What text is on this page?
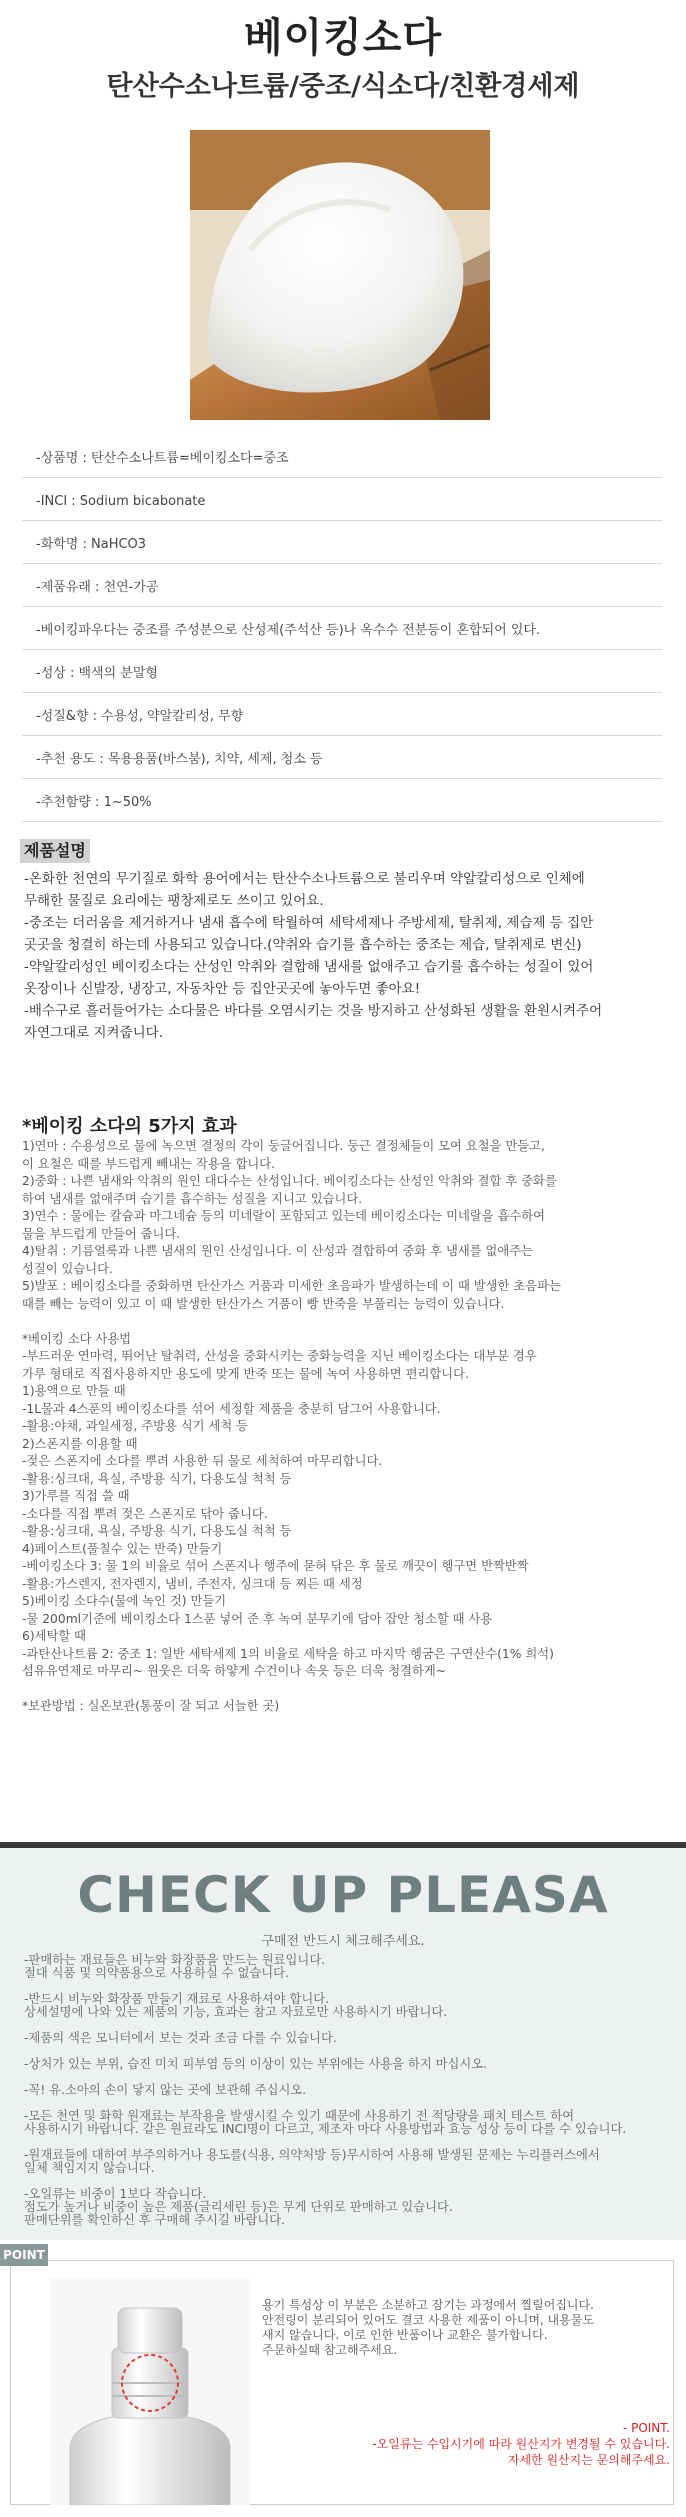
베이킹소다
탄산수소나트륨/중조/식소다/친환경세제
-상품명 : 탄산수소나트륨=베이킹소다=중조
-INCI : Sodium bicabonate
-화학명 : NaHCO3
-제품유래 : 천연-가공
-베이킹파우다는 중조를 주성분으로 산성제(주석산 등)나 옥수수 전분등이 혼합되어 있다.
-성상 : 백색의 분말형
-성질&향 : 수용성, 약알칼리성, 무향
-추천 용도 : 목용용품(바스붐), 치약, 세제, 청소 등
-추천함량 : 1~50%
제품설명
-온화한 천연의 무기질로 화학 용어에서는 탄산수소나트륨으로 불리우며 약알칼리성으로 인체에
무해한 물질로 요리에는 팽창제로도 쓰이고 있어요.
-중조는 더러움을 제거하거나 냄새 흡수에 탁월하여 세탁세제나 주방세제, 탈취제, 제습제 등 집안
곳곳을 청결히 하는데 사용되고 있습니다.(약취와 습기를 흡수하는 중조는 제습, 탈취제로 변신)
-약알칼리성인 베이킹소다는 산성인 악취와 결합해 냄새를 없애주고 습기를 흡수하는 성질이 있어
옷장이나 신발장, 냉장고, 자동차안 등 집안곳곳에 놓아두면 좋아요!
-배수구로 흘러들어가는 소다물은 바다를 오염시키는 것을 방지하고 산성화된 생활을 환원시켜주어
자연그대로 지켜줍니다.
*베이킹 소다의 5가지 효과
1)연마 : 수용성으로 물에 녹으면 결정의 각이 둥글어집니다. 둥근 결정체들이 모여 요철을 만들고,
이 요철은 때를 부드럽게 빼내는 작용을 합니다.
2)중화 : 나쁜 냄새와 악취의 원인 대다수는 산성입니다. 베이킹소다는 산성인 악취와 결합 후 중화를
하여 냄새를 없애주며 습기를 흡수하는 성질을 지니고 있습니다.
3)연수 : 물에는 칼슘과 마그네슘 등의 미네랄이 포함되고 있는데 베이킹소다는 미네랄을 흡수하여
물을 부드럽게 만들어 줍니다.
4)탈취 : 기름얼룩과 나쁜 냄새의 원인 산성입니다. 이 산성과 결합하여 중화 후 냄새를 없애주는
성질이 있습니다.
5)발포 : 베이킹소다를 중화하면 탄산가스 거품과 미세한 초음파가 발생하는데 이 때 발생한 초음파는
때를 빼는 능력이 있고 이 때 발생한 탄산가스 거품이 빵 반죽을 부풀리는 능력이 있습니다.
*베이킹 소다 사용법
-부드러운 연마력, 뛰어난 탈취력, 산성을 중화시키는 중화능력을 지닌 베이킹소다는 대부분 경우
가루 형태로 직접사용하지만 용도에 맞게 반죽 또는 물에 녹여 사용하면 편리합니다.
1)용액으로 만들 때
-1L물과 4스푼의 베이킹소다를 섞어 세정할 제품을 충분히 담그어 사용합니다.
-활용:야채, 과일세정, 주방용 식기 세척 등
2)스폰지를 이용할 때
-젖은 스폰지에 소다를 뿌려 사용한 뒤 물로 세척하여 마무리합니다.
-활용:싱크대, 욕실, 주방용 식기, 다용도실 척척 등
3)가루를 직접 쓸 때
-소다를 직접 뿌려 젖은 스폰지로 닦아 줍니다.
-활용:싱크대, 욕실, 주방용 식기, 다용도실 척척 등
4)페이스트(풀칠수 있는 반죽) 만들기
-베이킹소다 3: 물 1의 비율로 섞어 스폰지나 행주에 묻혀 닦은 후 물로 깨끗이 헹구면 반짝반짝
-활용:가스렌지, 전자렌지, 냄비, 주전자, 싱크대 등 찌든 때 세정
5)베이킹 소다수(물에 녹인 것) 만들기
-물 200ml기준에 베이킹소다 1스푼 넣어 준 후 녹여 분무기에 담아 잡안 청소할 때 사용
6)세탁할 때
-과탄산나트륨 2: 중조 1: 일반 세탁세제 1의 비율로 세탁을 하고 마지막 헹굼은 구연산수(1% 희석)
섬유유연제로 마무리~ 원웃은 더욱 하얗게 수건이나 속옷 등은 더욱 청결하게~
*보관방법 : 실온보관(통풍이 잘 되고 서늘한 곳)
CHECK UP PLEASA
구매전 반드시 체크해주세요.
-판매하는 재료들은 비누와 화장품을 만드는 원료입니다.
절대 식품 및 의약품용으로 사용하실 수 없습니다.
-반드시 비누와 화장품 만들기 재료로 사용하셔야 합니다.
상세설명에 나와 있는 제품의 기능, 효과는 참고 자료로만 사용하시기 바랍니다.
-제품의 색은 모니터에서 보는 것과 조금 다를 수 있습니다.
-상처가 있는 부위, 습진 미치 피부염 등의 이상이 있는 부위에는 사용을 하지 마십시오.
-꼭! 유.소아의 손이 닿지 않는 곳에 보관해 주십시오.
-모든 천연 및 화학 원재료는 부작용을 발생시킬 수 있기 때문에 사용하기 전 적당량을 패치 테스트 하여
사용하시기 바랍니다. 같은 원료라도 INCI명이 다르고, 제조자 마다 사용방법과 효능 성상 등이 다를 수 있습니다.
-원재료들에 대하여 부주의하거나 용도를(식용, 의약처방 등)무시하여 사용해 발생된 문제는 누리플러스에서
일체 책임지지 않습니다.
-오일류는 비중이 1보다 작습니다.
점도가 높거나 비중이 높은 제품(글리세린 등)은 무게 단위로 판매하고 있습니다.
판매단위를 확인하신 후 구매해 주시길 바랍니다.
POINT
용기 특성상 이 부분은 소분하고 잠기는 과정에서 찔릴어집니다.
안전링이 분리되어 있어도 결코 사용한 제품이 아니며, 내용물도
새지 않습니다. 이로 인한 반품이나 교환은 불가합니다.
주문하실때 참고해주세요.
- POINT.
-오일류는 수입시기에 따라 원산지가 변경될 수 있습니다.
자세한 원산지는 문의해주세요.
